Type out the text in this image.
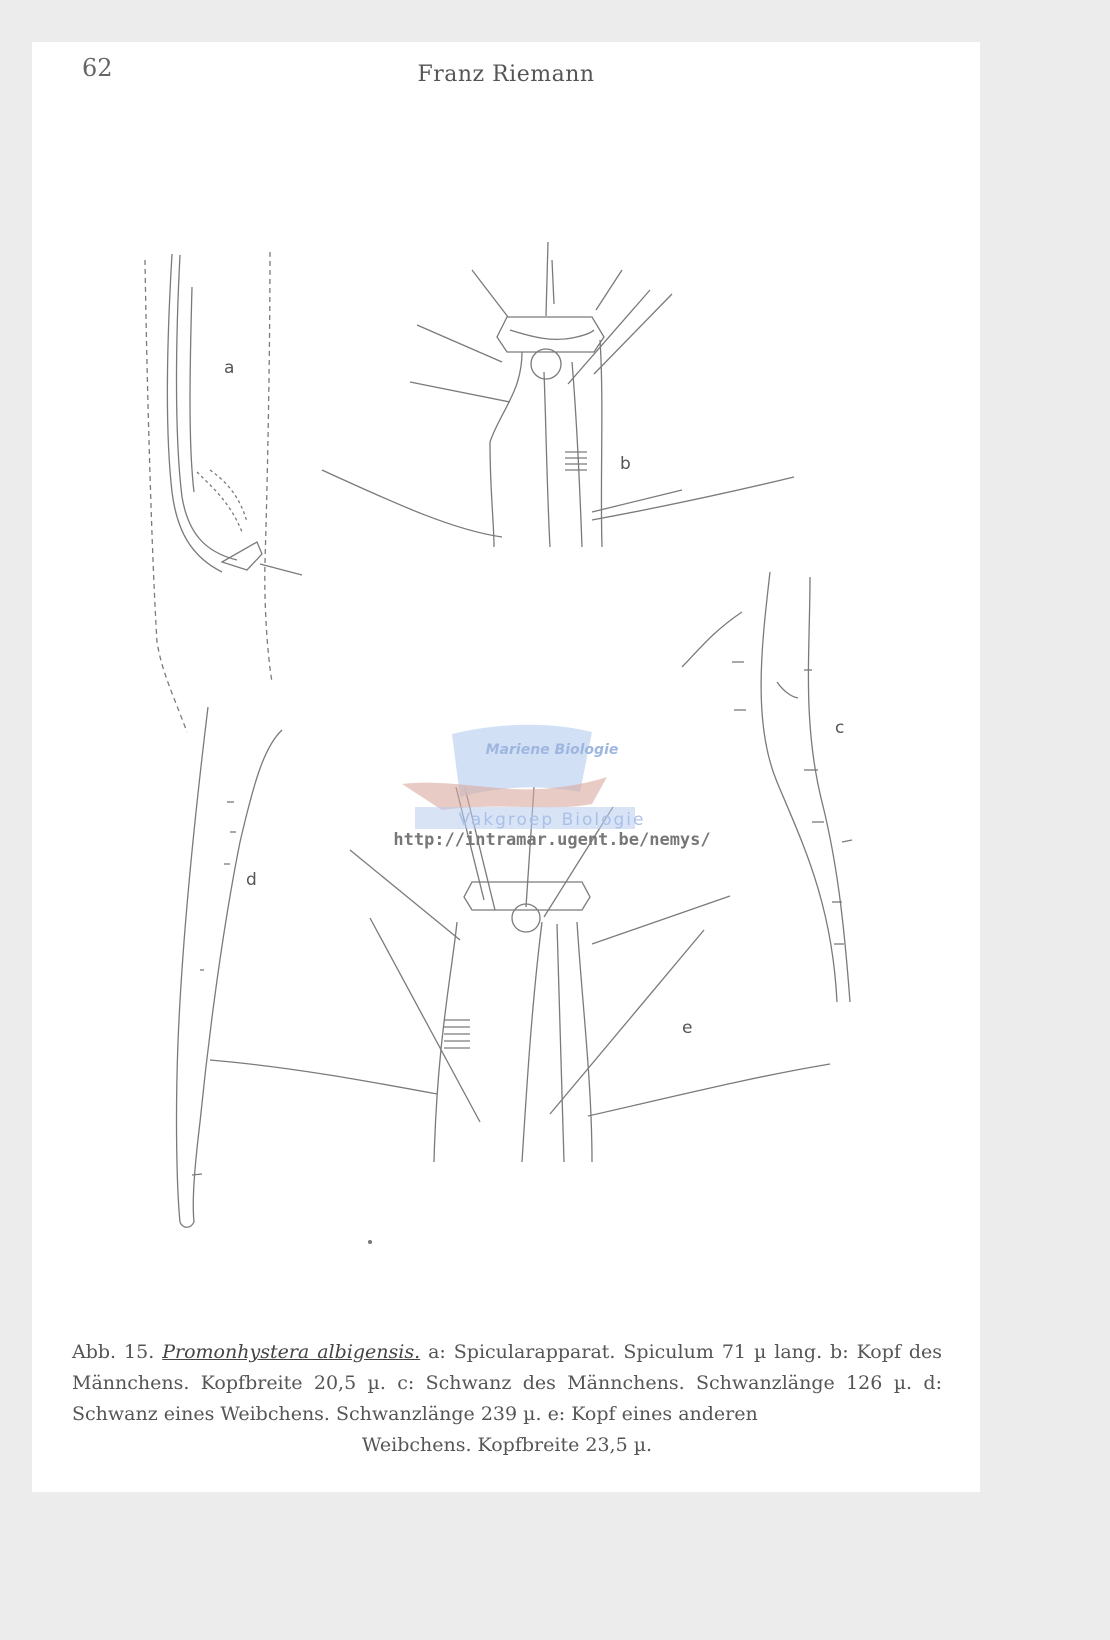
62	Franz Riemann
a
b
c
d
e
Mariene Biologie
Vakgroep Biologie
http://intramar.ugent.be/nemys/
Abb. 15. Promonhystera albigensis. a: Spicularapparat. Spiculum 71 µ lang. b: Kopf des Männchens. Kopfbreite 20,5 µ. c: Schwanz des Männchens. Schwanzlänge 126 µ. d: Schwanz eines Weibchens. Schwanzlänge 239 µ. e: Kopf eines anderen
Weibchens. Kopfbreite 23,5 µ.
